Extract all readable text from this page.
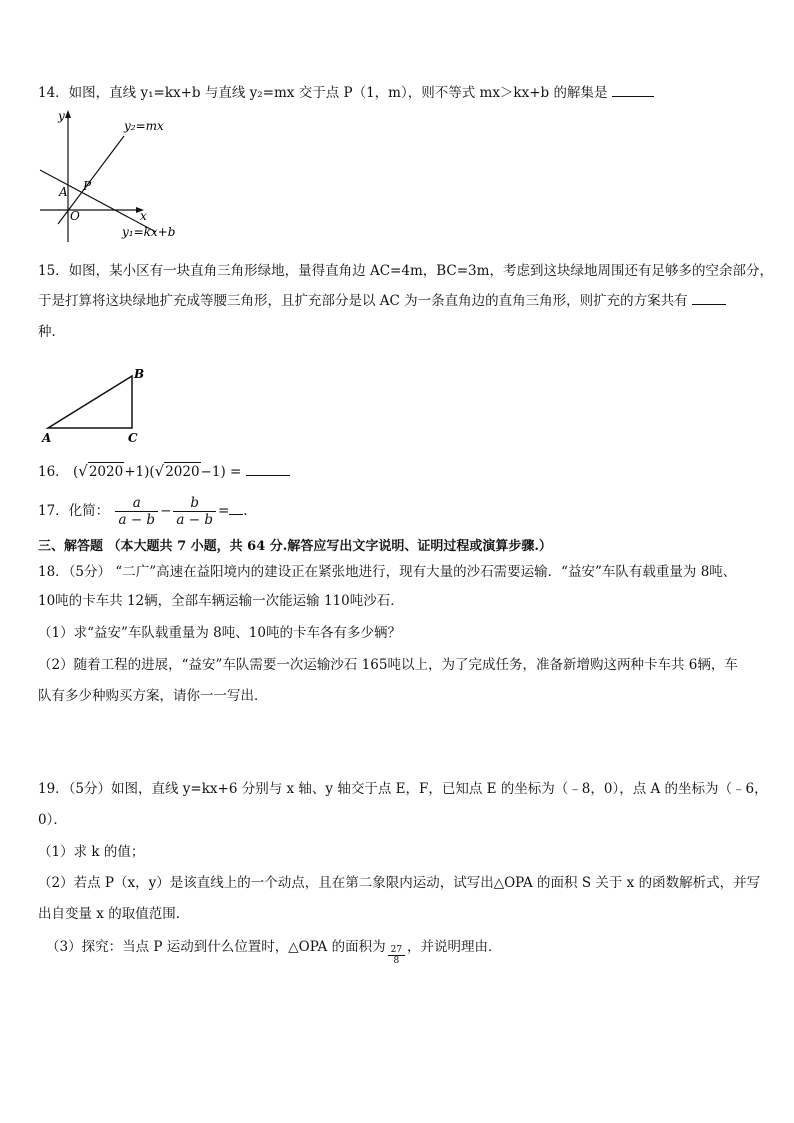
14．如图，直线 y₁=kx+b 与直线 y₂=mx 交于点 P（1，m），则不等式 mx＞kx+b 的解集是
y
x
O
A P
y₂=mx
y₁=kx+b
15．如图，某小区有一块直角三角形绿地，量得直角边 AC=4m，BC=3m，考虑到这块绿地周围还有足够多的空余部分，
于是打算将这块绿地扩充成等腰三角形，且扩充部分是以 AC 为一条直角边的直角三角形，则扩充的方案共有
种．
A
B
C
16． (√2020+1)(√2020−1) =
17．化简： $\frac{a}{a - b} - \frac{b}{a - b}$ = .
三、解答题 （本大题共 7 小题，共 64 分.解答应写出文字说明、证明过程或演算步骤.）
18．（5分） “二广”高速在益阳境内的建设正在紧张地进行，现有大量的沙石需要运输．“益安”车队有载重量为 8吨、
10吨的卡车共 12辆，全部车辆运输一次能运输 110吨沙石．
（1）求“益安”车队载重量为 8吨、10吨的卡车各有多少辆？
（2）随着工程的进展，“益安”车队需要一次运输沙石 165吨以上，为了完成任务，准备新增购这两种卡车共 6辆，车
队有多少种购买方案，请你一一写出．
19．（5分）如图，直线 y=kx+6 分别与 x 轴、y 轴交于点 E，F，已知点 E 的坐标为（﹣8，0），点 A 的坐标为（﹣6，
0）．
（1）求 k 的值；
（2）若点 P（x，y）是该直线上的一个动点，且在第二象限内运动，试写出△OPA 的面积 S 关于 x 的函数解析式，并写
出自变量 x 的取值范围．
（3）探究：当点 P 运动到什么位置时，△OPA 的面积为 $\frac{27}{8}$ ，并说明理由．
